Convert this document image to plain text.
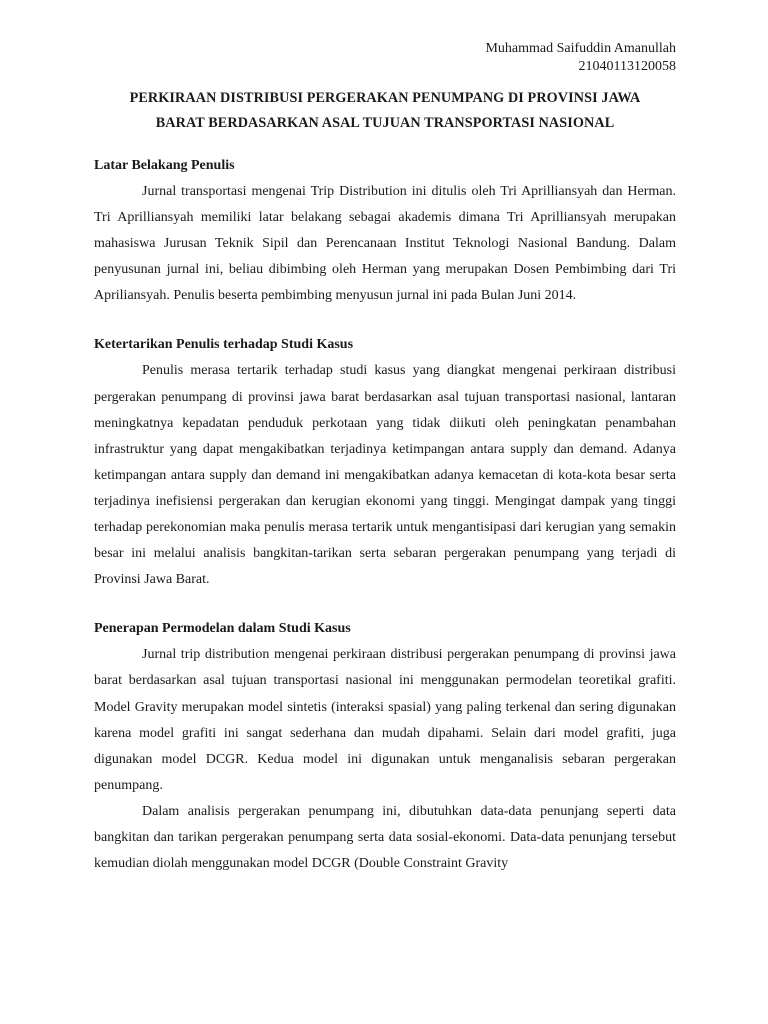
Muhammad Saifuddin Amanullah
21040113120058
PERKIRAAN DISTRIBUSI PERGERAKAN PENUMPANG DI PROVINSI JAWA
BARAT BERDASARKAN ASAL TUJUAN TRANSPORTASI NASIONAL
Latar Belakang Penulis

Jurnal transportasi mengenai Trip Distribution ini ditulis oleh Tri Aprilliansyah dan Herman. Tri Aprilliansyah memiliki latar belakang sebagai akademis dimana Tri Aprilliansyah merupakan mahasiswa Jurusan Teknik Sipil dan Perencanaan Institut Teknologi Nasional Bandung. Dalam penyusunan jurnal ini, beliau dibimbing oleh Herman yang merupakan Dosen Pembimbing dari Tri Apriliansyah. Penulis beserta pembimbing menyusun jurnal ini pada Bulan Juni 2014.

Ketertarikan Penulis terhadap Studi Kasus

Penulis merasa tertarik terhadap studi kasus yang diangkat mengenai perkiraan distribusi pergerakan penumpang di provinsi jawa barat berdasarkan asal tujuan transportasi nasional, lantaran meningkatnya kepadatan penduduk perkotaan yang tidak diikuti oleh peningkatan penambahan infrastruktur yang dapat mengakibatkan terjadinya ketimpangan antara supply dan demand. Adanya ketimpangan antara supply dan demand ini mengakibatkan adanya kemacetan di kota-kota besar serta terjadinya inefisiensi pergerakan dan kerugian ekonomi yang tinggi. Mengingat dampak yang tinggi terhadap perekonomian maka penulis merasa tertarik untuk mengantisipasi dari kerugian yang semakin besar ini melalui analisis bangkitan-tarikan serta sebaran pergerakan penumpang yang terjadi di Provinsi Jawa Barat.

Penerapan Permodelan dalam Studi Kasus

Jurnal trip distribution mengenai perkiraan distribusi pergerakan penumpang di provinsi jawa barat berdasarkan asal tujuan transportasi nasional ini menggunakan permodelan teoretikal grafiti. Model Gravity merupakan model sintetis (interaksi spasial) yang paling terkenal dan sering digunakan karena model grafiti ini sangat sederhana dan mudah dipahami. Selain dari model grafiti, juga digunakan model DCGR. Kedua model ini digunakan untuk menganalisis sebaran pergerakan penumpang.

Dalam analisis pergerakan penumpang ini, dibutuhkan data-data penunjang seperti data bangkitan dan tarikan pergerakan penumpang serta data sosial-ekonomi. Data-data penunjang tersebut kemudian diolah menggunakan model DCGR (Double Constraint Gravity
